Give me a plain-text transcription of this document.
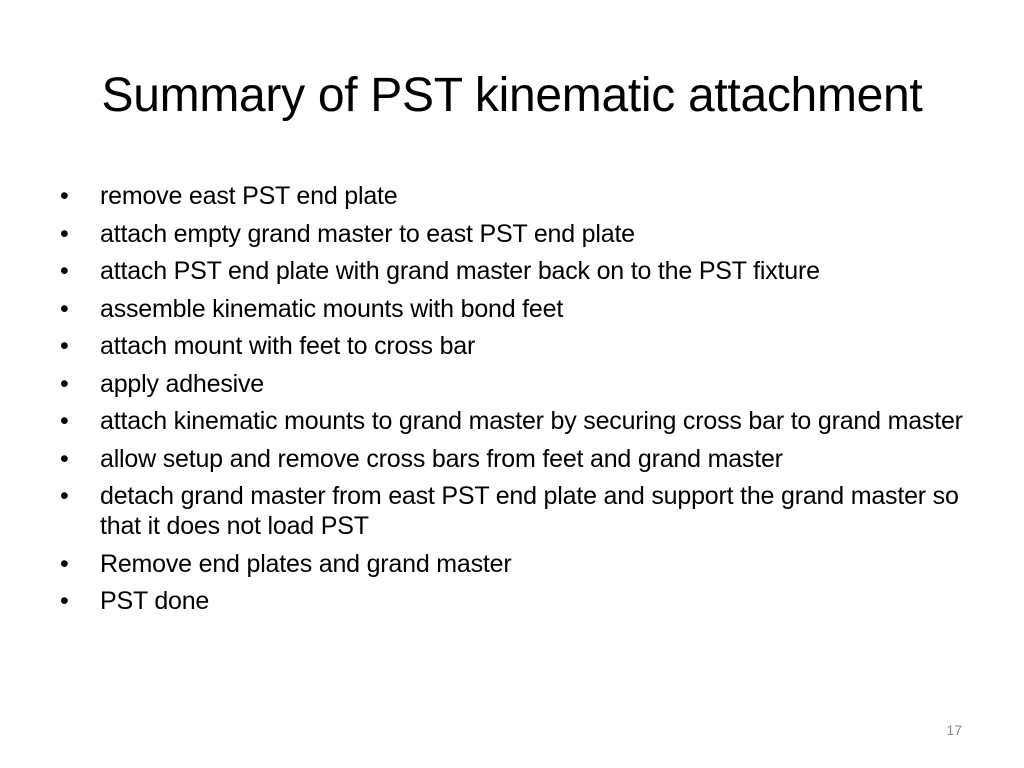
Summary of PST kinematic attachment
•	remove east PST end plate
•	attach empty grand master to east PST end plate
•	attach PST end plate with grand master back on to the PST fixture
•	assemble kinematic mounts with bond feet
•	attach mount with feet to cross bar
•	apply adhesive
•	attach kinematic mounts to grand master by securing cross bar to grand master
•	allow setup and remove cross bars from feet and grand master
•	detach grand master from east PST end plate and support the grand master so that it does not load PST
•	Remove end plates and grand master
•	PST done
17
